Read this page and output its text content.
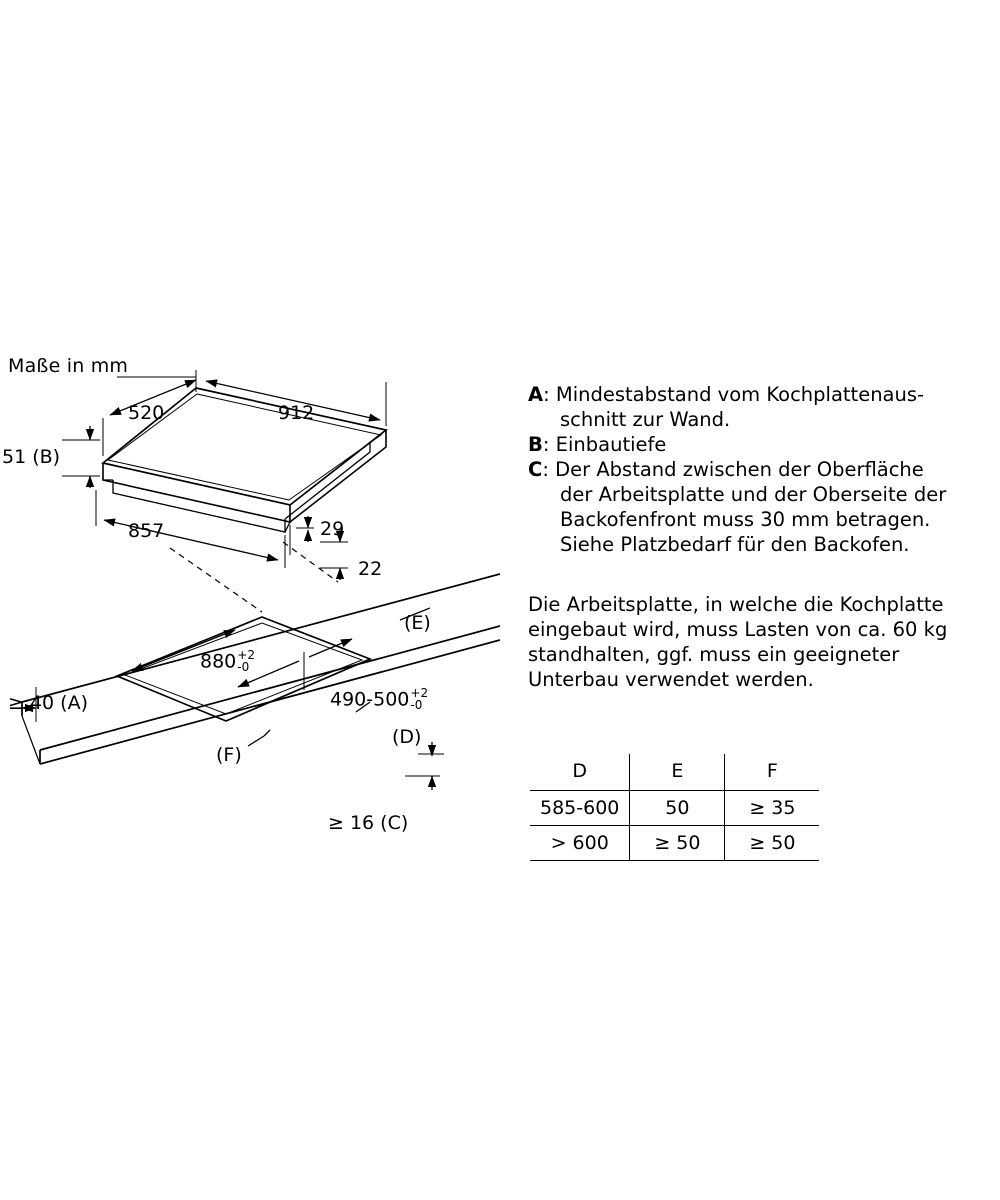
Maße in mm
520	912
51 (B)
857	29
22
880 +2
-0
490-500 +2
-0
≥ 40 (A)
(E)
(D)
(F)
≥ 16 (C)
A: Mindestabstand vom Kochplattenaus-
schnitt zur Wand.
B: Einbautiefe
C: Der Abstand zwischen der Oberfläche
der Arbeitsplatte und der Oberseite der
Backofenfront muss 30 mm betragen.
Siehe Platzbedarf für den Backofen.
Die Arbeitsplatte, in welche die Kochplatte
eingebaut wird, muss Lasten von ca. 60 kg
standhalten, ggf. muss ein geeigneter
Unterbau verwendet werden.
D	E	F
585-600	50	≥ 35
> 600	≥ 50	≥ 50
